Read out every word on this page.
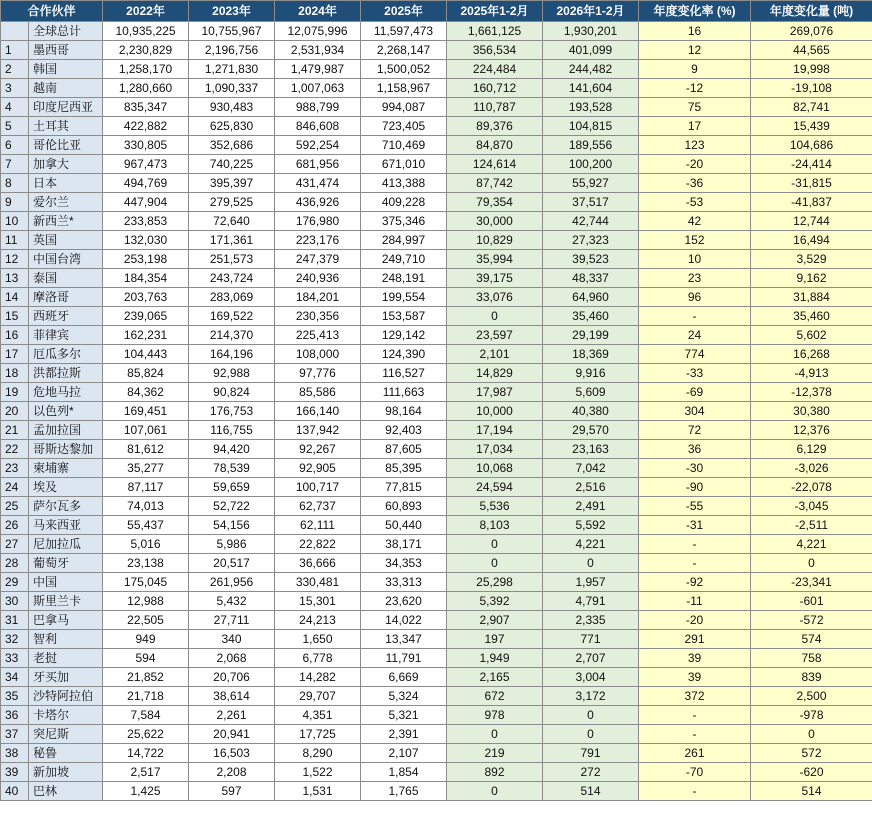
合作伙伴		2022年	2023年	2024年	2025年	2025年1-2月	2026年1-2月	年度变化率 (%)	年度变化量 (吨)
	全球总计	10,935,225	10,755,967	12,075,996	11,597,473	1,661,125	1,930,201	16	269,076
1	墨西哥	2,230,829	2,196,756	2,531,934	2,268,147	356,534	401,099	12	44,565
2	韩国	1,258,170	1,271,830	1,479,987	1,500,052	224,484	244,482	9	19,998
3	越南	1,280,660	1,090,337	1,007,063	1,158,967	160,712	141,604	-12	-19,108
4	印度尼西亚	835,347	930,483	988,799	994,087	110,787	193,528	75	82,741
5	土耳其	422,882	625,830	846,608	723,405	89,376	104,815	17	15,439
6	哥伦比亚	330,805	352,686	592,254	710,469	84,870	189,556	123	104,686
7	加拿大	967,473	740,225	681,956	671,010	124,614	100,200	-20	-24,414
8	日本	494,769	395,397	431,474	413,388	87,742	55,927	-36	-31,815
9	爱尔兰	447,904	279,525	436,926	409,228	79,354	37,517	-53	-41,837
10	新西兰*	233,853	72,640	176,980	375,346	30,000	42,744	42	12,744
11	英国	132,030	171,361	223,176	284,997	10,829	27,323	152	16,494
12	中国台湾	253,198	251,573	247,379	249,710	35,994	39,523	10	3,529
13	泰国	184,354	243,724	240,936	248,191	39,175	48,337	23	9,162
14	摩洛哥	203,763	283,069	184,201	199,554	33,076	64,960	96	31,884
15	西班牙	239,065	169,522	230,356	153,587	0	35,460	-	35,460
16	菲律宾	162,231	214,370	225,413	129,142	23,597	29,199	24	5,602
17	厄瓜多尔	104,443	164,196	108,000	124,390	2,101	18,369	774	16,268
18	洪都拉斯	85,824	92,988	97,776	116,527	14,829	9,916	-33	-4,913
19	危地马拉	84,362	90,824	85,586	111,663	17,987	5,609	-69	-12,378
20	以色列*	169,451	176,753	166,140	98,164	10,000	40,380	304	30,380
21	孟加拉国	107,061	116,755	137,942	92,403	17,194	29,570	72	12,376
22	哥斯达黎加	81,612	94,420	92,267	87,605	17,034	23,163	36	6,129
23	柬埔寨	35,277	78,539	92,905	85,395	10,068	7,042	-30	-3,026
24	埃及	87,117	59,659	100,717	77,815	24,594	2,516	-90	-22,078
25	萨尔瓦多	74,013	52,722	62,737	60,893	5,536	2,491	-55	-3,045
26	马来西亚	55,437	54,156	62,111	50,440	8,103	5,592	-31	-2,511
27	尼加拉瓜	5,016	5,986	22,822	38,171	0	4,221	-	4,221
28	葡萄牙	23,138	20,517	36,666	34,353	0	0	-	0
29	中国	175,045	261,956	330,481	33,313	25,298	1,957	-92	-23,341
30	斯里兰卡	12,988	5,432	15,301	23,620	5,392	4,791	-11	-601
31	巴拿马	22,505	27,711	24,213	14,022	2,907	2,335	-20	-572
32	智利	949	340	1,650	13,347	197	771	291	574
33	老挝	594	2,068	6,778	11,791	1,949	2,707	39	758
34	牙买加	21,852	20,706	14,282	6,669	2,165	3,004	39	839
35	沙特阿拉伯	21,718	38,614	29,707	5,324	672	3,172	372	2,500
36	卡塔尔	7,584	2,261	4,351	5,321	978	0	-	-978
37	突尼斯	25,622	20,941	17,725	2,391	0	0	-	0
38	秘鲁	14,722	16,503	8,290	2,107	219	791	261	572
39	新加坡	2,517	2,208	1,522	1,854	892	272	-70	-620
40	巴林	1,425	597	1,531	1,765	0	514	-	514
